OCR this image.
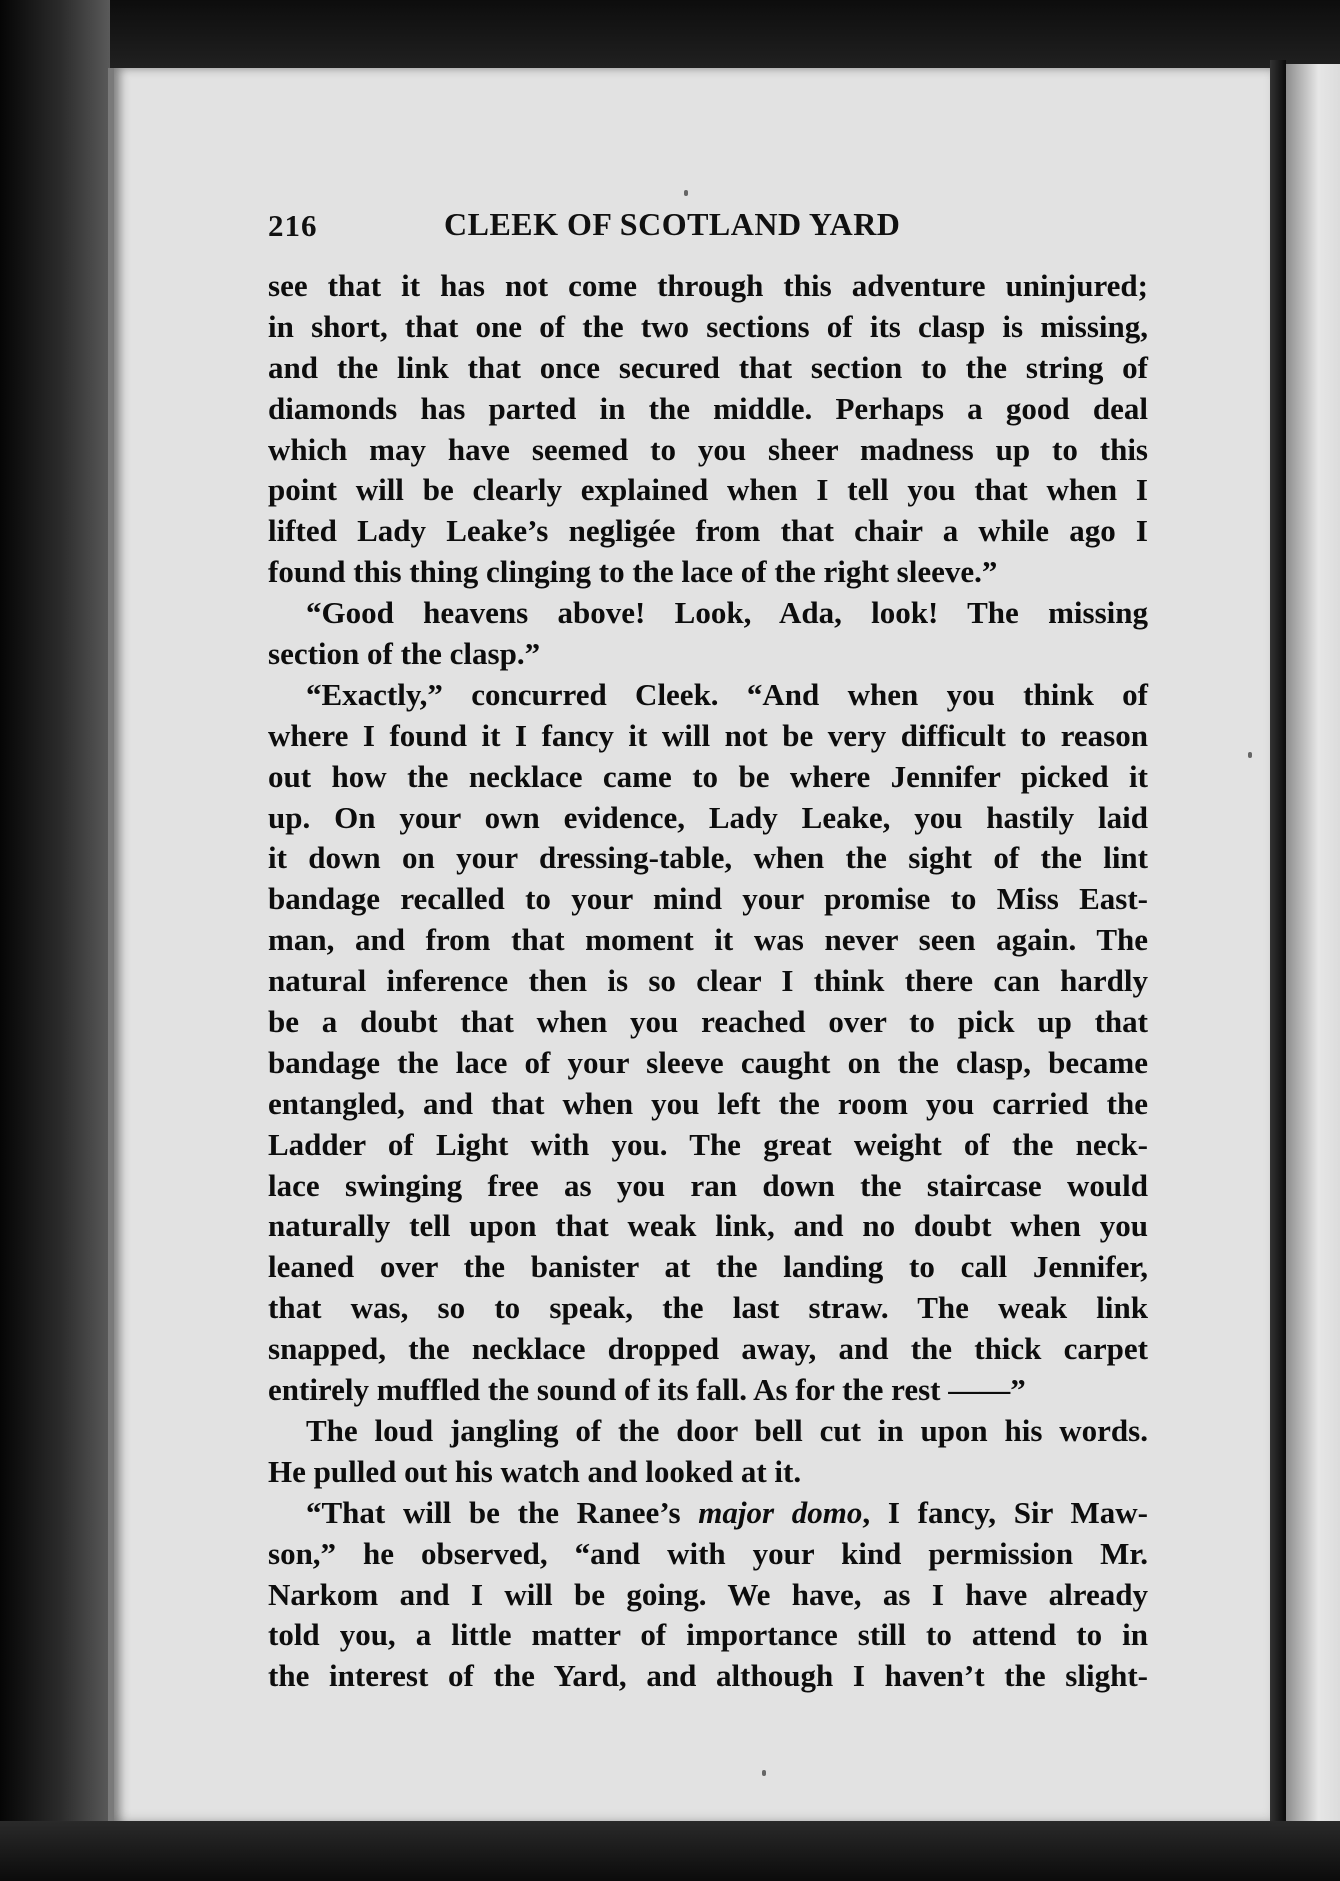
216	CLEEK OF SCOTLAND YARD
see that it has not come through this adventure uninjured;
in short, that one of the two sections of its clasp is missing,
and the link that once secured that section to the string of
diamonds has parted in the middle. Perhaps a good deal
which may have seemed to you sheer madness up to this
point will be clearly explained when I tell you that when I
lifted Lady Leake’s negligée from that chair a while ago I
found this thing clinging to the lace of the right sleeve.”
“Good heavens above! Look, Ada, look! The missing
section of the clasp.”
“Exactly,” concurred Cleek. “And when you think of
where I found it I fancy it will not be very difficult to reason
out how the necklace came to be where Jennifer picked it
up. On your own evidence, Lady Leake, you hastily laid
it down on your dressing-table, when the sight of the lint
bandage recalled to your mind your promise to Miss East-
man, and from that moment it was never seen again. The
natural inference then is so clear I think there can hardly
be a doubt that when you reached over to pick up that
bandage the lace of your sleeve caught on the clasp, became
entangled, and that when you left the room you carried the
Ladder of Light with you. The great weight of the neck-
lace swinging free as you ran down the staircase would
naturally tell upon that weak link, and no doubt when you
leaned over the banister at the landing to call Jennifer,
that was, so to speak, the last straw. The weak link
snapped, the necklace dropped away, and the thick carpet
entirely muffled the sound of its fall. As for the rest ——”
The loud jangling of the door bell cut in upon his words.
He pulled out his watch and looked at it.
“That will be the Ranee’s major domo, I fancy, Sir Maw-
son,” he observed, “and with your kind permission Mr.
Narkom and I will be going. We have, as I have already
told you, a little matter of importance still to attend to in
the interest of the Yard, and although I haven’t the slight-
